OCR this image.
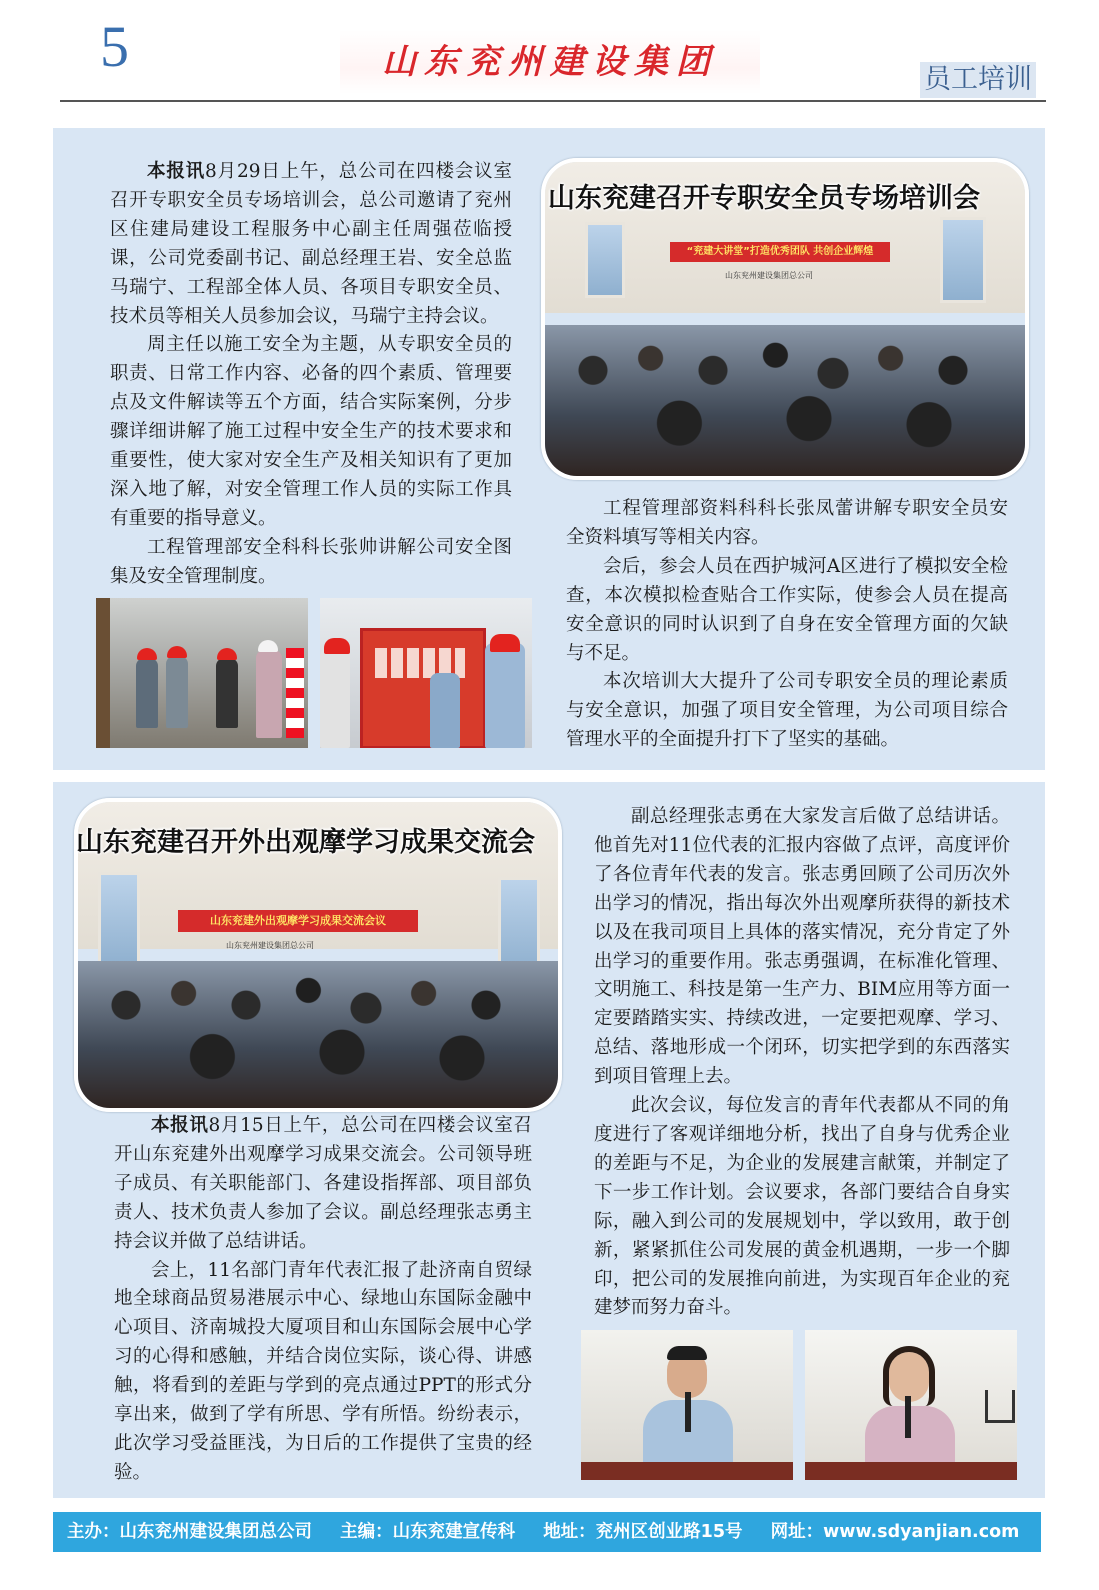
5	山东兖州建设集团	员工培训

本报讯8月29日上午，总公司在四楼会议室召开专职安全员专场培训会，总公司邀请了兖州区住建局建设工程服务中心副主任周强莅临授课，公司党委副书记、副总经理王岩、安全总监马瑞宁、工程部全体人员、各项目专职安全员、技术员等相关人员参加会议，马瑞宁主持会议。

周主任以施工安全为主题，从专职安全员的职责、日常工作内容、必备的四个素质、管理要点及文件解读等五个方面，结合实际案例，分步骤详细讲解了施工过程中安全生产的技术要求和重要性，使大家对安全生产及相关知识有了更加深入地了解，对安全管理工作人员的实际工作具有重要的指导意义。

工程管理部安全科科长张帅讲解公司安全图集及安全管理制度。

“兖建大讲堂”打造优秀团队 共创企业辉煌
山东兖州建设集团总公司
山东兖建召开专职安全员专场培训会

工程管理部资料科科长张凤蕾讲解专职安全员安全资料填写等相关内容。

会后，参会人员在西护城河A区进行了模拟安全检查，本次模拟检查贴合工作实际，使参会人员在提高安全意识的同时认识到了自身在安全管理方面的欠缺与不足。

本次培训大大提升了公司专职安全员的理论素质与安全意识，加强了项目安全管理，为公司项目综合管理水平的全面提升打下了坚实的基础。

山东兖建外出观摩学习成果交流会议
山东兖州建设集团总公司
山东兖建召开外出观摩学习成果交流会

本报讯8月15日上午，总公司在四楼会议室召开山东兖建外出观摩学习成果交流会。公司领导班子成员、有关职能部门、各建设指挥部、项目部负责人、技术负责人参加了会议。副总经理张志勇主持会议并做了总结讲话。

会上，11名部门青年代表汇报了赴济南自贸绿地全球商品贸易港展示中心、绿地山东国际金融中心项目、济南城投大厦项目和山东国际会展中心学习的心得和感触，并结合岗位实际，谈心得、讲感触，将看到的差距与学到的亮点通过PPT的形式分享出来，做到了学有所思、学有所悟。纷纷表示，此次学习受益匪浅，为日后的工作提供了宝贵的经验。

副总经理张志勇在大家发言后做了总结讲话。他首先对11位代表的汇报内容做了点评，高度评价了各位青年代表的发言。张志勇回顾了公司历次外出学习的情况，指出每次外出观摩所获得的新技术以及在我司项目上具体的落实情况，充分肯定了外出学习的重要作用。张志勇强调，在标准化管理、文明施工、科技是第一生产力、BIM应用等方面一定要踏踏实实、持续改进，一定要把观摩、学习、总结、落地形成一个闭环，切实把学到的东西落实到项目管理上去。

此次会议，每位发言的青年代表都从不同的角度进行了客观详细地分析，找出了自身与优秀企业的差距与不足，为企业的发展建言献策，并制定了下一步工作计划。会议要求，各部门要结合自身实际，融入到公司的发展规划中，学以致用，敢于创新，紧紧抓住公司发展的黄金机遇期，一步一个脚印，把公司的发展推向前进，为实现百年企业的兖建梦而努力奋斗。

主办：山东兖州建设集团总公司 主编：山东兖建宣传科 地址：兖州区创业路15号 网址：www.sdyanjian.com
